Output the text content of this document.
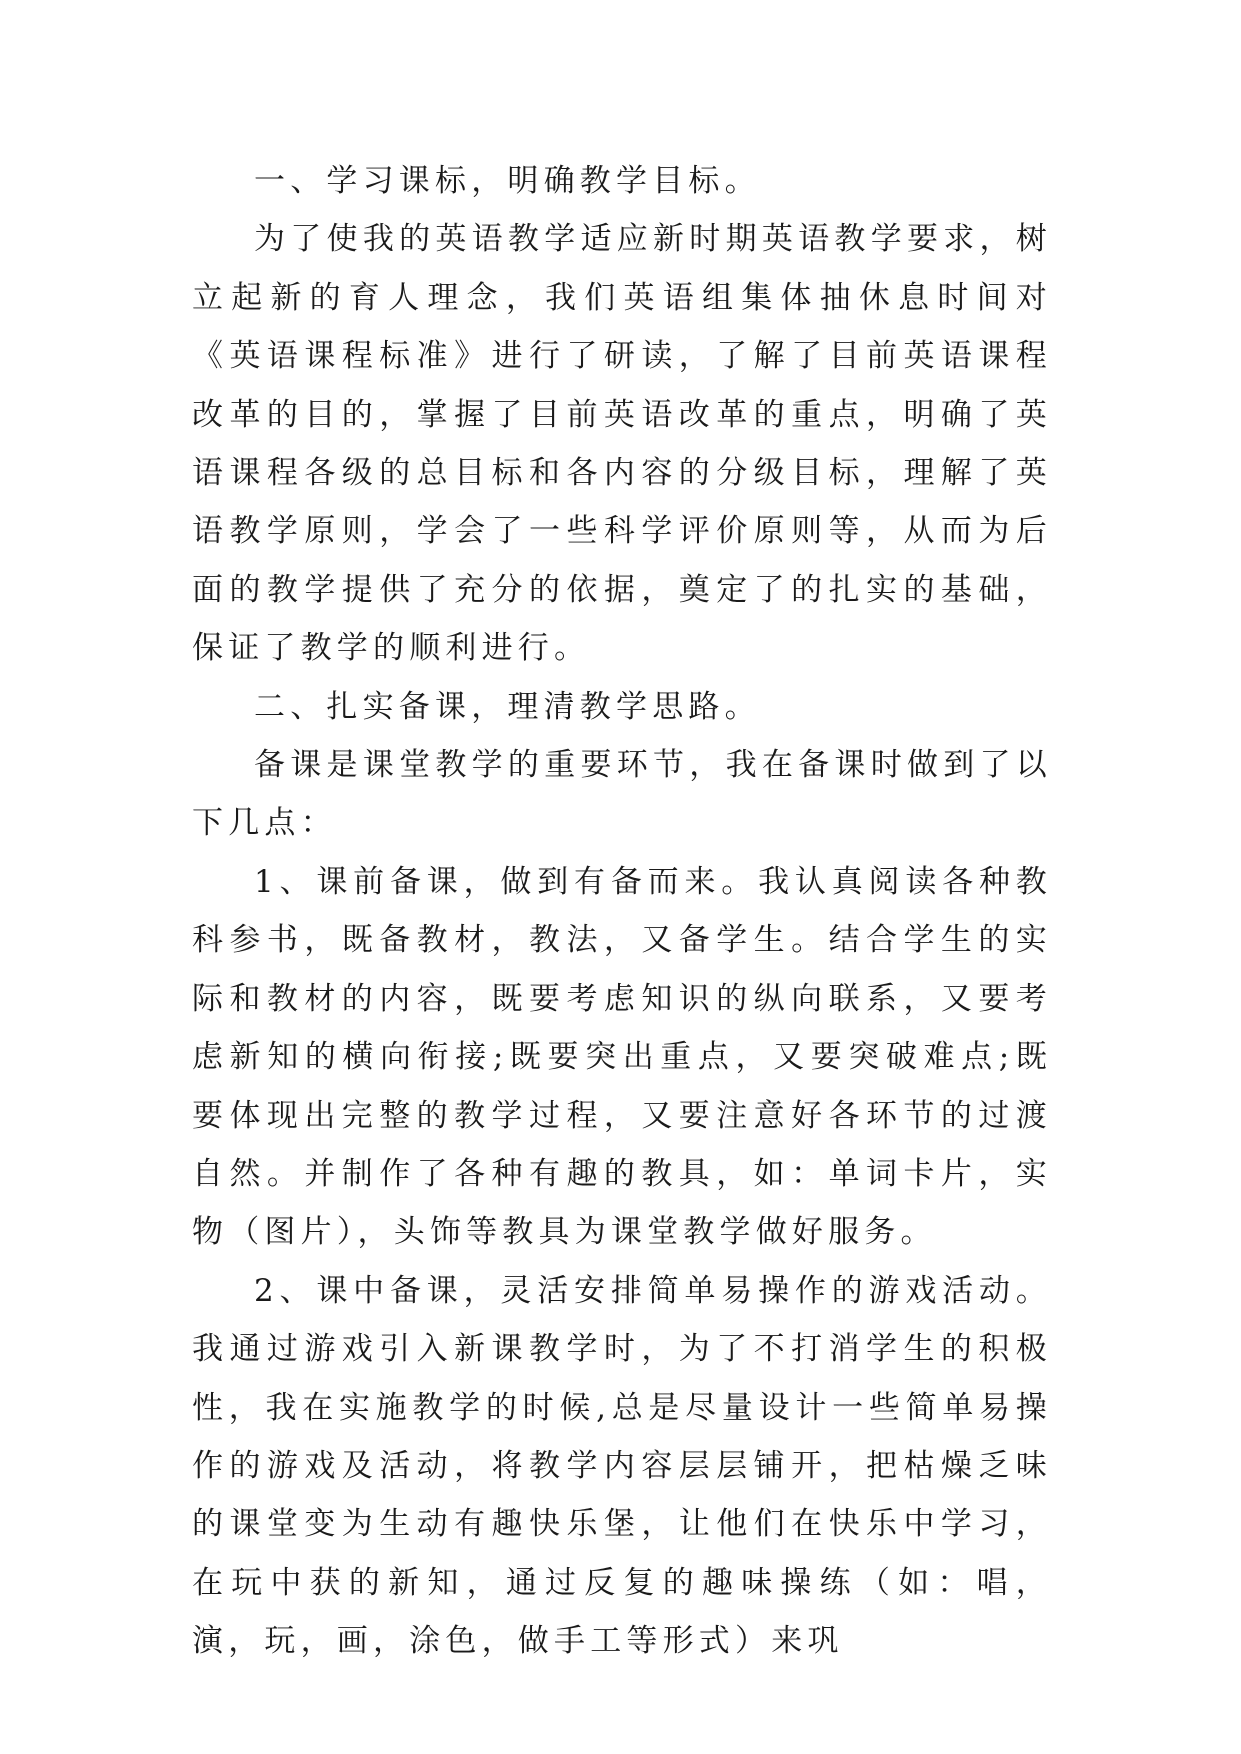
一、学习课标，明确教学目标。

为了使我的英语教学适应新时期英语教学要求，树立起新的育人理念，我们英语组集体抽休息时间对《英语课程标准》进行了研读，了解了目前英语课程改革的目的，掌握了目前英语改革的重点，明确了英语课程各级的总目标和各内容的分级目标，理解了英语教学原则，学会了一些科学评价原则等，从而为后面的教学提供了充分的依据，奠定了的扎实的基础，保证了教学的顺利进行。

二、扎实备课，理清教学思路。

备课是课堂教学的重要环节，我在备课时做到了以下几点：

1、课前备课，做到有备而来。我认真阅读各种教科参书，既备教材，教法，又备学生。结合学生的实际和教材的内容，既要考虑知识的纵向联系，又要考虑新知的横向衔接;既要突出重点，又要突破难点;既要体现出完整的教学过程，又要注意好各环节的过渡自然。并制作了各种有趣的教具，如：单词卡片，实物（图片），头饰等教具为课堂教学做好服务。

2、课中备课，灵活安排简单易操作的游戏活动。我通过游戏引入新课教学时，为了不打消学生的积极性，我在实施教学的时候,总是尽量设计一些简单易操作的游戏及活动，将教学内容层层铺开，把枯燥乏味的课堂变为生动有趣快乐堡，让他们在快乐中学习，在玩中获的新知，通过反复的趣味操练（如：唱，演，玩，画，涂色，做手工等形式）来巩
